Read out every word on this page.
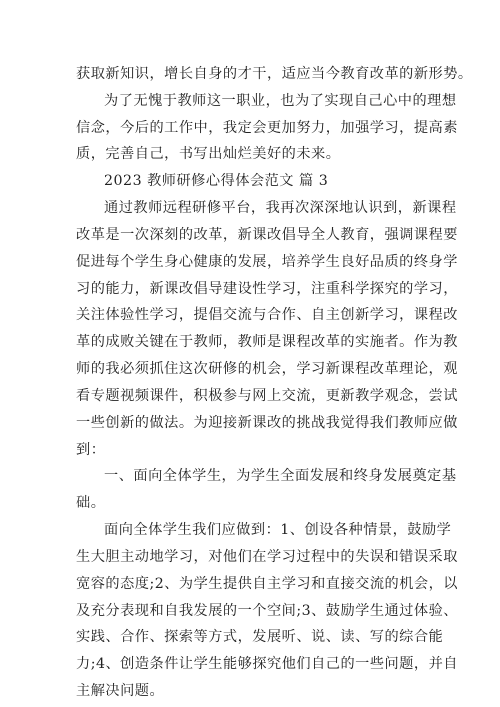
获取新知识，增长自身的才干，适应当今教育改革的新形势。
为了无愧于教师这一职业，也为了实现自己心中的理想
信念，今后的工作中，我定会更加努力，加强学习，提高素
质，完善自己，书写出灿烂美好的未来。
2023 教师研修心得体会范文 篇 3
通过教师远程研修平台，我再次深深地认识到，新课程
改革是一次深刻的改革，新课改倡导全人教育，强调课程要
促进每个学生身心健康的发展，培养学生良好品质的终身学
习的能力，新课改倡导建设性学习，注重科学探究的学习，
关注体验性学习，提倡交流与合作、自主创新学习，课程改
革的成败关键在于教师，教师是课程改革的实施者。作为教
师的我必须抓住这次研修的机会，学习新课程改革理论，观
看专题视频课件，积极参与网上交流，更新教学观念，尝试
一些创新的做法。为迎接新课改的挑战我觉得我们教师应做
到：
一、面向全体学生，为学生全面发展和终身发展奠定基
础。
面向全体学生我们应做到：1、创设各种情景，鼓励学
生大胆主动地学习，对他们在学习过程中的失误和错误采取
宽容的态度;2、为学生提供自主学习和直接交流的机会，以
及充分表现和自我发展的一个空间;3、鼓励学生通过体验、
实践、合作、探索等方式，发展听、说、读、写的综合能
力;4、创造条件让学生能够探究他们自己的一些问题，并自
主解决问题。
